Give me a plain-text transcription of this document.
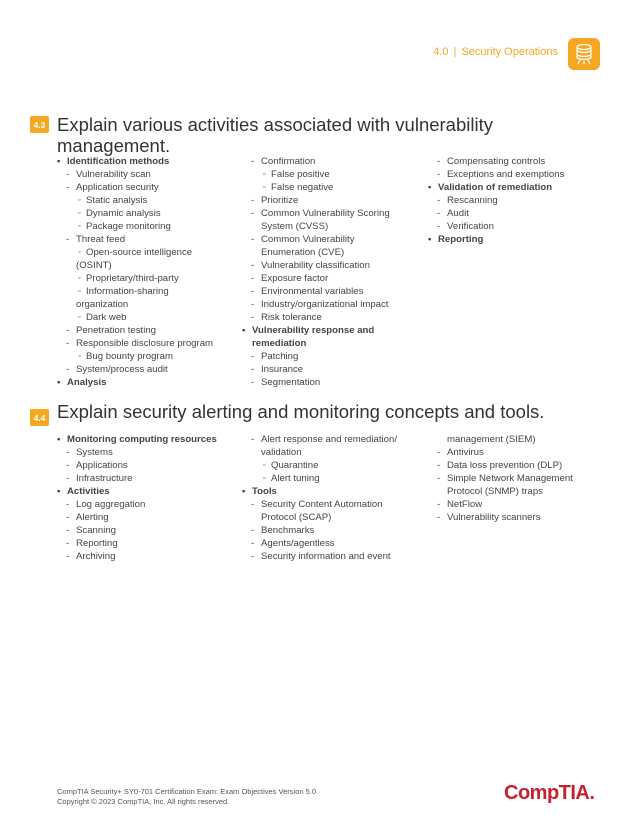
4.0 | Security Operations
4.3 Explain various activities associated with vulnerability
management.
• Identification methods
- Vulnerability scan
- Application security
▫ Static analysis
▫ Dynamic analysis
▫ Package monitoring
- Threat feed
▫ Open-source intelligence
(OSINT)
▫ Proprietary/third-party
▫ Information-sharing
organization
▫ Dark web
- Penetration testing
- Responsible disclosure program
▫ Bug bounty program
- System/process audit
• Analysis
- Confirmation
▫ False positive
▫ False negative
- Prioritize
- Common Vulnerability Scoring
System (CVSS)
- Common Vulnerability
Enumeration (CVE)
- Vulnerability classification
- Exposure factor
- Environmental variables
- Industry/organizational impact
- Risk tolerance
• Vulnerability response and
remediation
- Patching
- Insurance
- Segmentation
- Compensating controls
- Exceptions and exemptions
• Validation of remediation
- Rescanning
- Audit
- Verification
• Reporting
4.4 Explain security alerting and monitoring concepts and tools.
• Monitoring computing resources
- Systems
- Applications
- Infrastructure
• Activities
- Log aggregation
- Alerting
- Scanning
- Reporting
- Archiving
- Alert response and remediation/
validation
▫ Quarantine
▫ Alert tuning
• Tools
- Security Content Automation
Protocol (SCAP)
- Benchmarks
- Agents/agentless
- Security information and event
management (SIEM)
- Antivirus
- Data loss prevention (DLP)
- Simple Network Management
Protocol (SNMP) traps
- NetFlow
- Vulnerability scanners
CompTIA Security+ SY0-701 Certification Exam: Exam Objectives Version 5.0
Copyright © 2023 CompTIA, Inc. All rights reserved.	CompTIA.
